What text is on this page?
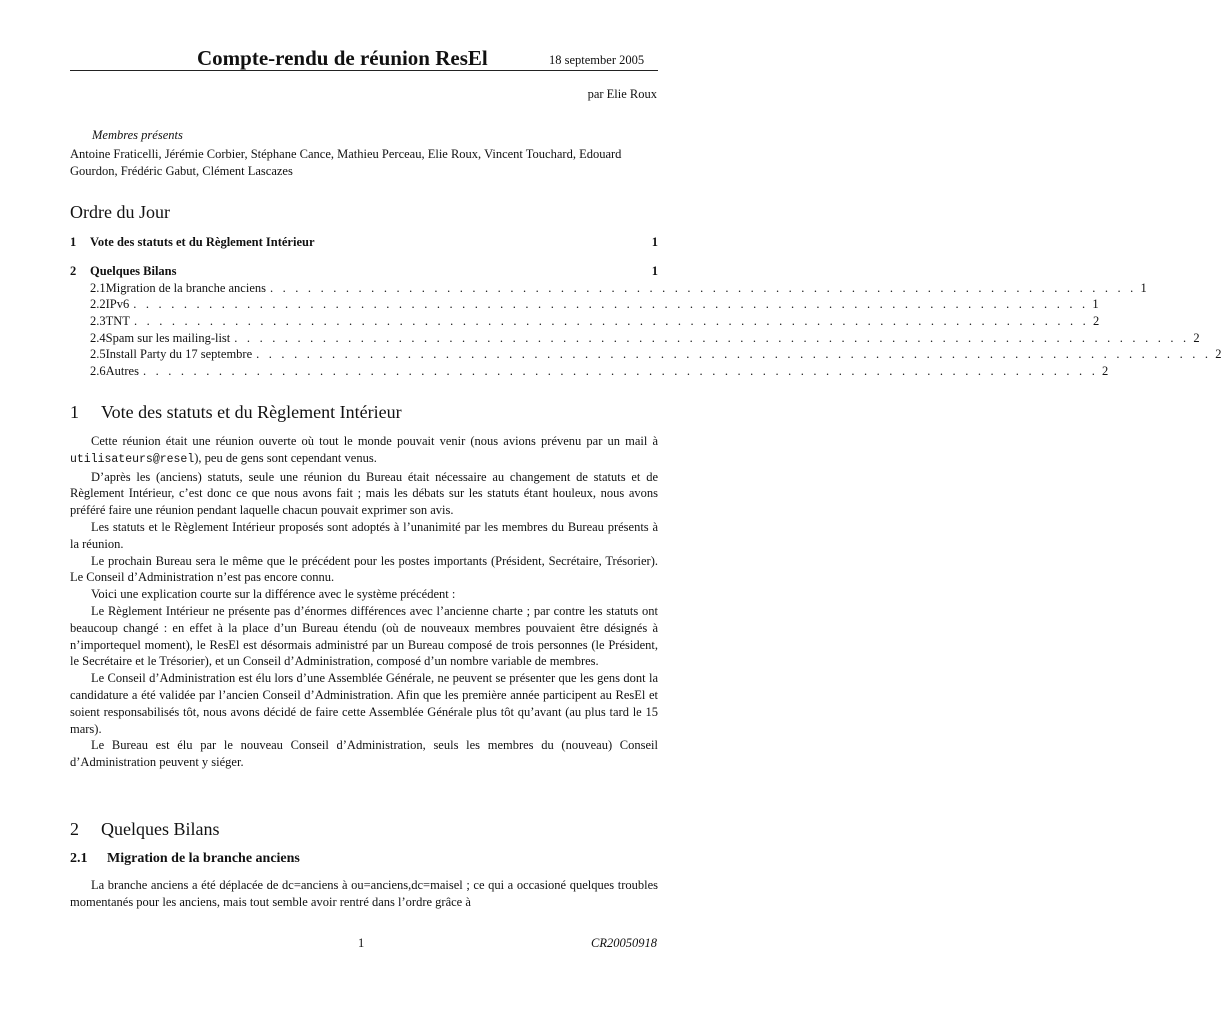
Compte-rendu de réunion ResEl	18 september 2005
par Elie Roux
Membres présents
Antoine Fraticelli, Jérémie Corbier, Stéphane Cance, Mathieu Perceau, Elie Roux, Vincent Touchard, Edouard Gourdon, Frédéric Gabut, Clément Lascazes
Ordre du Jour
1 Vote des statuts et du Règlement Intérieur	1
2 Quelques Bilans	1
2.1 Migration de la branche anciens . . . . . . . . . . . . . . . . . . . . . . . . . . . . . . . . . . . . . . . . . . . . . . . . . . . . . . . . . . . . . . . . . . . . . 1
2.2 IPv6 . . . . . . . . . . . . . . . . . . . . . . . . . . . . . . . . . . . . . . . . . . . . . . . . . . . . . . . . . . . . . . . . . . . . . . . . . . . . 1
2.3 TNT . . . . . . . . . . . . . . . . . . . . . . . . . . . . . . . . . . . . . . . . . . . . . . . . . . . . . . . . . . . . . . . . . . . . . . . . . . . . 2
2.4 Spam sur les mailing-list . . . . . . . . . . . . . . . . . . . . . . . . . . . . . . . . . . . . . . . . . . . . . . . . . . . . . . . . . . . . . . . . . . . . . . . . . . . . 2
2.5 Install Party du 17 septembre . . . . . . . . . . . . . . . . . . . . . . . . . . . . . . . . . . . . . . . . . . . . . . . . . . . . . . . . . . . . . . . . . . . . . . . . . . . . 2
2.6 Autres . . . . . . . . . . . . . . . . . . . . . . . . . . . . . . . . . . . . . . . . . . . . . . . . . . . . . . . . . . . . . . . . . . . . . . . . . . . . 2
1 Vote des statuts et du Règlement Intérieur

Cette réunion était une réunion ouverte où tout le monde pouvait venir (nous avions prévenu par un mail à utilisateurs@resel), peu de gens sont cependant venus.

D’après les (anciens) statuts, seule une réunion du Bureau était nécessaire au changement de statuts et de Règlement Intérieur, c’est donc ce que nous avons fait ; mais les débats sur les statuts étant houleux, nous avons préféré faire une réunion pendant laquelle chacun pouvait exprimer son avis.

Les statuts et le Règlement Intérieur proposés sont adoptés à l’unanimité par les membres du Bureau présents à la réunion.

Le prochain Bureau sera le même que le précédent pour les postes importants (Président, Secrétaire, Trésorier). Le Conseil d’Administration n’est pas encore connu.

Voici une explication courte sur la différence avec le système précédent :

Le Règlement Intérieur ne présente pas d’énormes différences avec l’ancienne charte ; par contre les statuts ont beaucoup changé : en effet à la place d’un Bureau étendu (où de nouveaux membres pouvaient être désignés à n’importequel moment), le ResEl est désormais administré par un Bureau composé de trois personnes (le Président, le Secrétaire et le Trésorier), et un Conseil d’Administration, composé d’un nombre variable de membres.

Le Conseil d’Administration est élu lors d’une Assemblée Générale, ne peuvent se présenter que les gens dont la candidature a été validée par l’ancien Conseil d’Administration. Afin que les première année participent au ResEl et soient responsabilisés tôt, nous avons décidé de faire cette Assemblée Générale plus tôt qu’avant (au plus tard le 15 mars).

Le Bureau est élu par le nouveau Conseil d’Administration, seuls les membres du (nouveau) Conseil d’Administration peuvent y siéger.

2 Quelques Bilans
2.1 Migration de la branche anciens

La branche anciens a été déplacée de dc=anciens à ou=anciens,dc=maisel ; ce qui a occasioné quelques troubles momentanés pour les anciens, mais tout semble avoir rentré dans l’ordre grâce à

1	CR20050918
